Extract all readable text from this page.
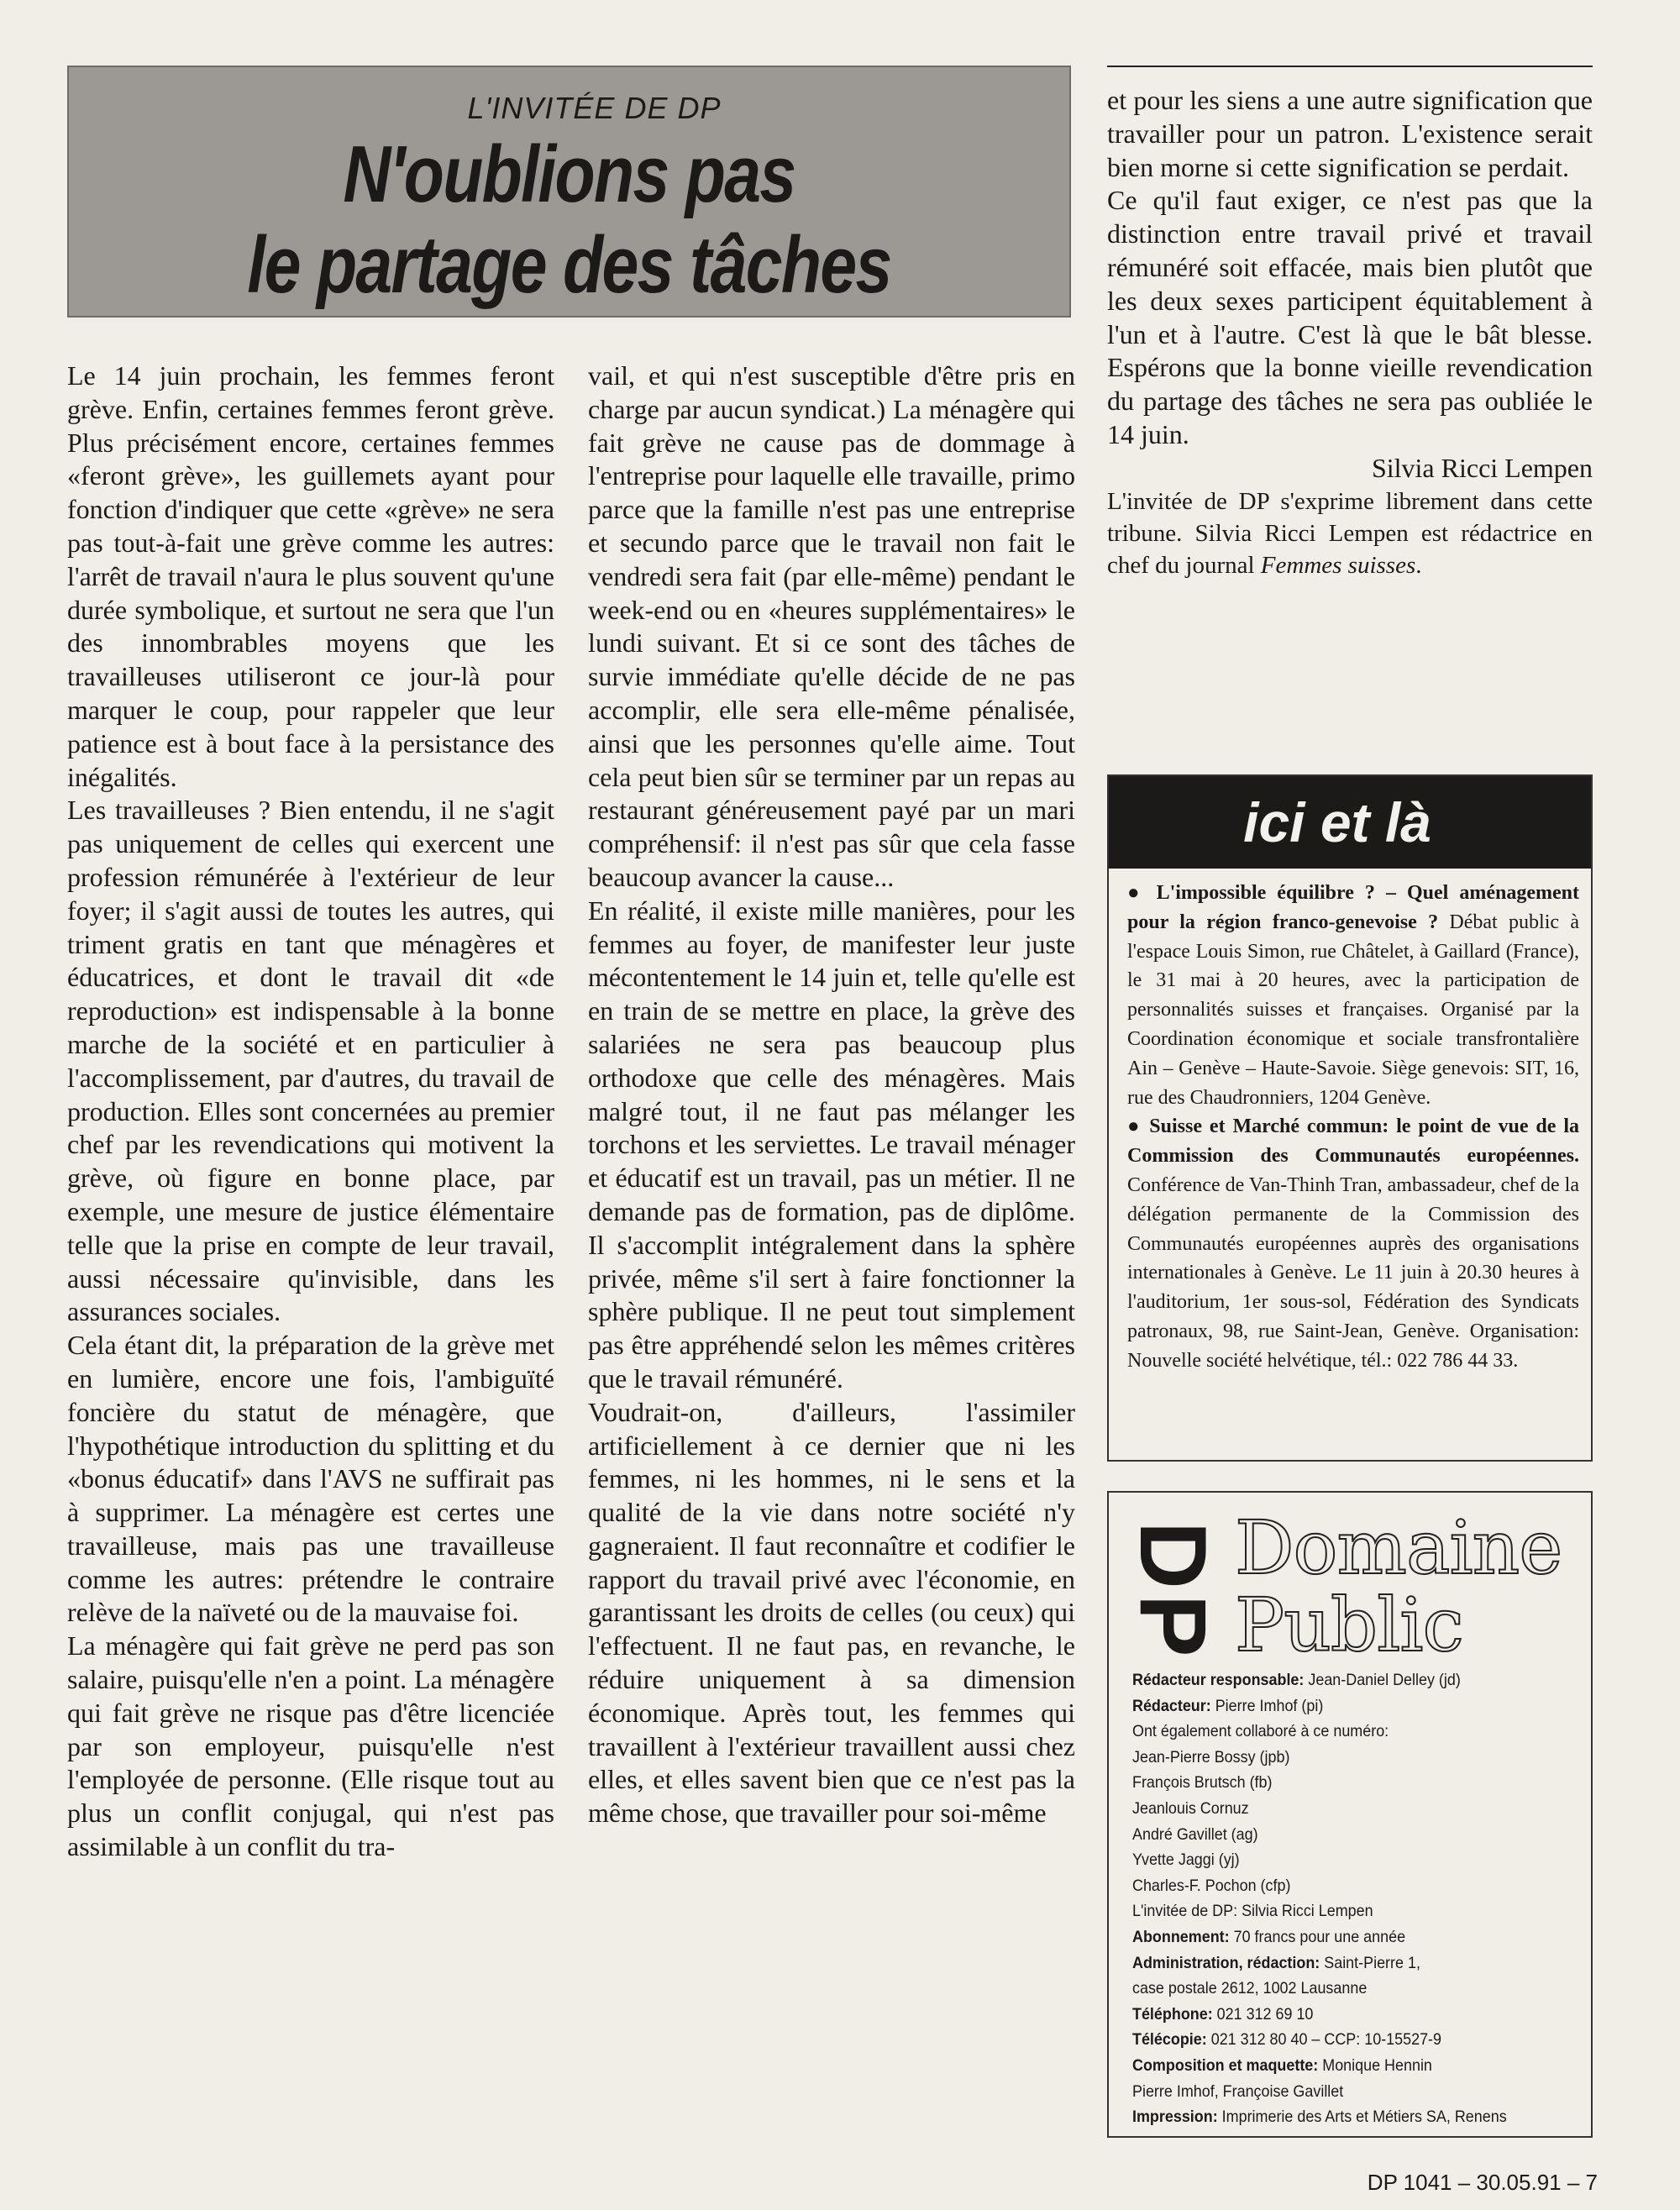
L'INVITÉE DE DP
N'oublions pas
le partage des tâches

Le 14 juin prochain, les femmes feront grève. Enfin, certaines femmes feront grève. Plus précisément encore, certaines femmes «feront grève», les guillemets ayant pour fonction d'indiquer que cette «grève» ne sera pas tout-à-fait une grève comme les autres: l'arrêt de travail n'aura le plus souvent qu'une durée symbolique, et surtout ne sera que l'un des innombrables moyens que les travailleuses utiliseront ce jour-là pour marquer le coup, pour rappeler que leur patience est à bout face à la persistance des inégalités.

Les travailleuses ? Bien entendu, il ne s'agit pas uniquement de celles qui exercent une profession rémunérée à l'extérieur de leur foyer; il s'agit aussi de toutes les autres, qui triment gratis en tant que ménagères et éducatrices, et dont le travail dit «de reproduction» est indispensable à la bonne marche de la société et en particulier à l'accomplissement, par d'autres, du travail de production. Elles sont concernées au premier chef par les revendications qui motivent la grève, où figure en bonne place, par exemple, une mesure de justice élémentaire telle que la prise en compte de leur travail, aussi nécessaire qu'invisible, dans les assurances sociales.

Cela étant dit, la préparation de la grève met en lumière, encore une fois, l'ambiguïté foncière du statut de ménagère, que l'hypothétique introduction du splitting et du «bonus éducatif» dans l'AVS ne suffirait pas à supprimer. La ménagère est certes une travailleuse, mais pas une travailleuse comme les autres: prétendre le contraire relève de la naïveté ou de la mauvaise foi.

La ménagère qui fait grève ne perd pas son salaire, puisqu'elle n'en a point. La ménagère qui fait grève ne risque pas d'être licenciée par son employeur, puisqu'elle n'est l'employée de personne. (Elle risque tout au plus un conflit conjugal, qui n'est pas assimilable à un conflit du tra-

vail, et qui n'est susceptible d'être pris en charge par aucun syndicat.) La ménagère qui fait grève ne cause pas de dommage à l'entreprise pour laquelle elle travaille, primo parce que la famille n'est pas une entreprise et secundo parce que le travail non fait le vendredi sera fait (par elle-même) pendant le week-end ou en «heures supplémentaires» le lundi suivant. Et si ce sont des tâches de survie immédiate qu'elle décide de ne pas accomplir, elle sera elle-même pénalisée, ainsi que les personnes qu'elle aime. Tout cela peut bien sûr se terminer par un repas au restaurant généreusement payé par un mari compréhensif: il n'est pas sûr que cela fasse beaucoup avancer la cause...

En réalité, il existe mille manières, pour les femmes au foyer, de manifester leur juste mécontentement le 14 juin et, telle qu'elle est en train de se mettre en place, la grève des salariées ne sera pas beaucoup plus orthodoxe que celle des ménagères. Mais malgré tout, il ne faut pas mélanger les torchons et les serviettes. Le travail ménager et éducatif est un travail, pas un métier. Il ne demande pas de formation, pas de diplôme. Il s'accomplit intégralement dans la sphère privée, même s'il sert à faire fonctionner la sphère publique. Il ne peut tout simplement pas être appréhendé selon les mêmes critères que le travail rémunéré.

Voudrait-on, d'ailleurs, l'assimiler artificiellement à ce dernier que ni les femmes, ni les hommes, ni le sens et la qualité de la vie dans notre société n'y gagneraient. Il faut reconnaître et codifier le rapport du travail privé avec l'économie, en garantissant les droits de celles (ou ceux) qui l'effectuent. Il ne faut pas, en revanche, le réduire uniquement à sa dimension économique. Après tout, les femmes qui travaillent à l'extérieur travaillent aussi chez elles, et elles savent bien que ce n'est pas la même chose, que travailler pour soi-même

et pour les siens a une autre signification que travailler pour un patron. L'existence serait bien morne si cette signification se perdait.

Ce qu'il faut exiger, ce n'est pas que la distinction entre travail privé et travail rémunéré soit effacée, mais bien plutôt que les deux sexes participent équitablement à l'un et à l'autre. C'est là que le bât blesse. Espérons que la bonne vieille revendication du partage des tâches ne sera pas oubliée le 14 juin.

Silvia Ricci Lempen

L'invitée de DP s'exprime librement dans cette tribune. Silvia Ricci Lempen est rédactrice en chef du journal Femmes suisses.

ici et là
● L'impossible équilibre ? – Quel aménagement pour la région franco-genevoise ? Débat public à l'espace Louis Simon, rue Châtelet, à Gaillard (France), le 31 mai à 20 heures, avec la participation de personnalités suisses et françaises. Organisé par la Coordination économique et sociale transfrontalière Ain – Genève – Haute-Savoie. Siège genevois: SIT, 16, rue des Chaudronniers, 1204 Genève.
● Suisse et Marché commun: le point de vue de la Commission des Communautés européennes. Conférence de Van-Thinh Tran, ambassadeur, chef de la délégation permanente de la Commission des Communautés européennes auprès des organisations internationales à Genève. Le 11 juin à 20.30 heures à l'auditorium, 1er sous-sol, Fédération des Syndicats patronaux, 98, rue Saint-Jean, Genève. Organisation: Nouvelle société helvétique, tél.: 022 786 44 33.
DP Domaine
Public
Rédacteur responsable: Jean-Daniel Delley (jd)
Rédacteur: Pierre Imhof (pi)
Ont également collaboré à ce numéro:
Jean-Pierre Bossy (jpb)
François Brutsch (fb)
Jeanlouis Cornuz
André Gavillet (ag)
Yvette Jaggi (yj)
Charles-F. Pochon (cfp)
L'invitée de DP: Silvia Ricci Lempen
Abonnement: 70 francs pour une année
Administration, rédaction: Saint-Pierre 1,
case postale 2612, 1002 Lausanne
Téléphone: 021 312 69 10
Télécopie: 021 312 80 40 – CCP: 10-15527-9
Composition et maquette: Monique Hennin
Pierre Imhof, Françoise Gavillet
Impression: Imprimerie des Arts et Métiers SA, Renens
DP 1041 – 30.05.91 – 7
